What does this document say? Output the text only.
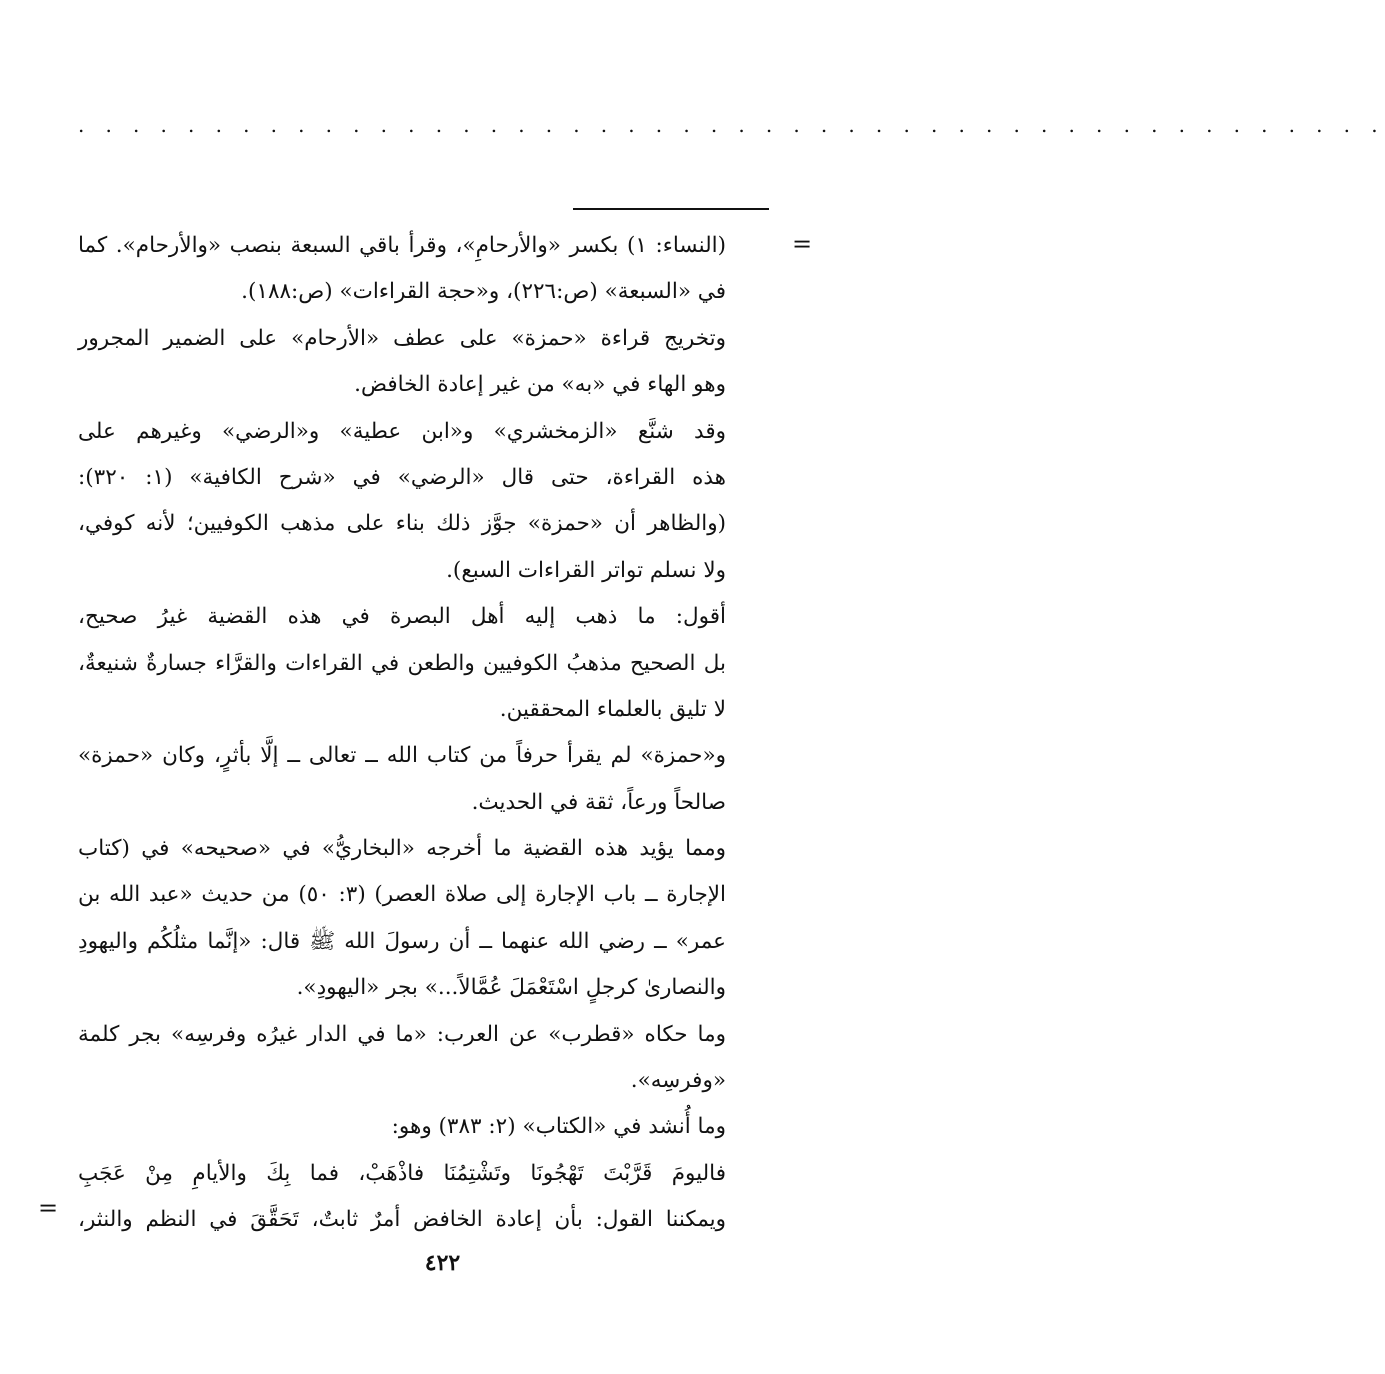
. . . . . . . . . . . . . . . . . . . . . . . . . . . . . . . . . . . . . . . . . . . . . . . .
=
(النساء: ١) بكسر «والأرحامِ»، وقرأ باقي السبعة بنصب «والأرحام». كما
في «السبعة» (ص:٢٢٦)، و«حجة القراءات» (ص:١٨٨).
وتخريج قراءة «حمزة» على عطف «الأرحام» على الضمير المجرور
وهو الهاء في «به» من غير إعادة الخافض.
وقد شنَّع «الزمخشري» و«ابن عطية» و«الرضي» وغيرهم على
هذه القراءة، حتى قال «الرضي» في «شرح الكافية» (١: ٣٢٠):
(والظاهر أن «حمزة» جوَّز ذلك بناء على مذهب الكوفيين؛ لأنه كوفي،
ولا نسلم تواتر القراءات السبع).
أقول: ما ذهب إليه أهل البصرة في هذه القضية غيرُ صحيح،
بل الصحيح مذهبُ الكوفيين والطعن في القراءات والقرَّاء جسارةٌ شنيعةٌ،
لا تليق بالعلماء المحققين.
و«حمزة» لم يقرأ حرفاً من كتاب الله ــ تعالى ــ إلَّا بأثرٍ، وكان «حمزة»
صالحاً ورعاً، ثقة في الحديث.
ومما يؤيد هذه القضية ما أخرجه «البخاريُّ» في «صحيحه» في (كتاب
الإجارة ــ باب الإجارة إلى صلاة العصر) (٣: ٥٠) من حديث «عبد الله بن
عمر» ــ رضي الله عنهما ــ أن رسولَ الله ﷺ قال: «إنَّما مثلُكُم واليهودِ
والنصارىٰ كرجلٍ اسْتَعْمَلَ عُمَّالاً...» بجر «اليهودِ».
وما حكاه «قطرب» عن العرب: «ما في الدار غيرُه وفرسِه» بجر كلمة
«وفرسِه».
وما أُنشد في «الكتاب» (٢: ٣٨٣) وهو:
فاليومَ قَرَّبْتَ تَهْجُونَا وتَشْتِمُنَا فاذْهَبْ، فما بِكَ والأيامِ مِنْ عَجَبِ
ويمكننا القول: بأن إعادة الخافض أمرٌ ثابتٌ، تَحَقَّقَ في النظم والنثر،
=
٤٢٢
